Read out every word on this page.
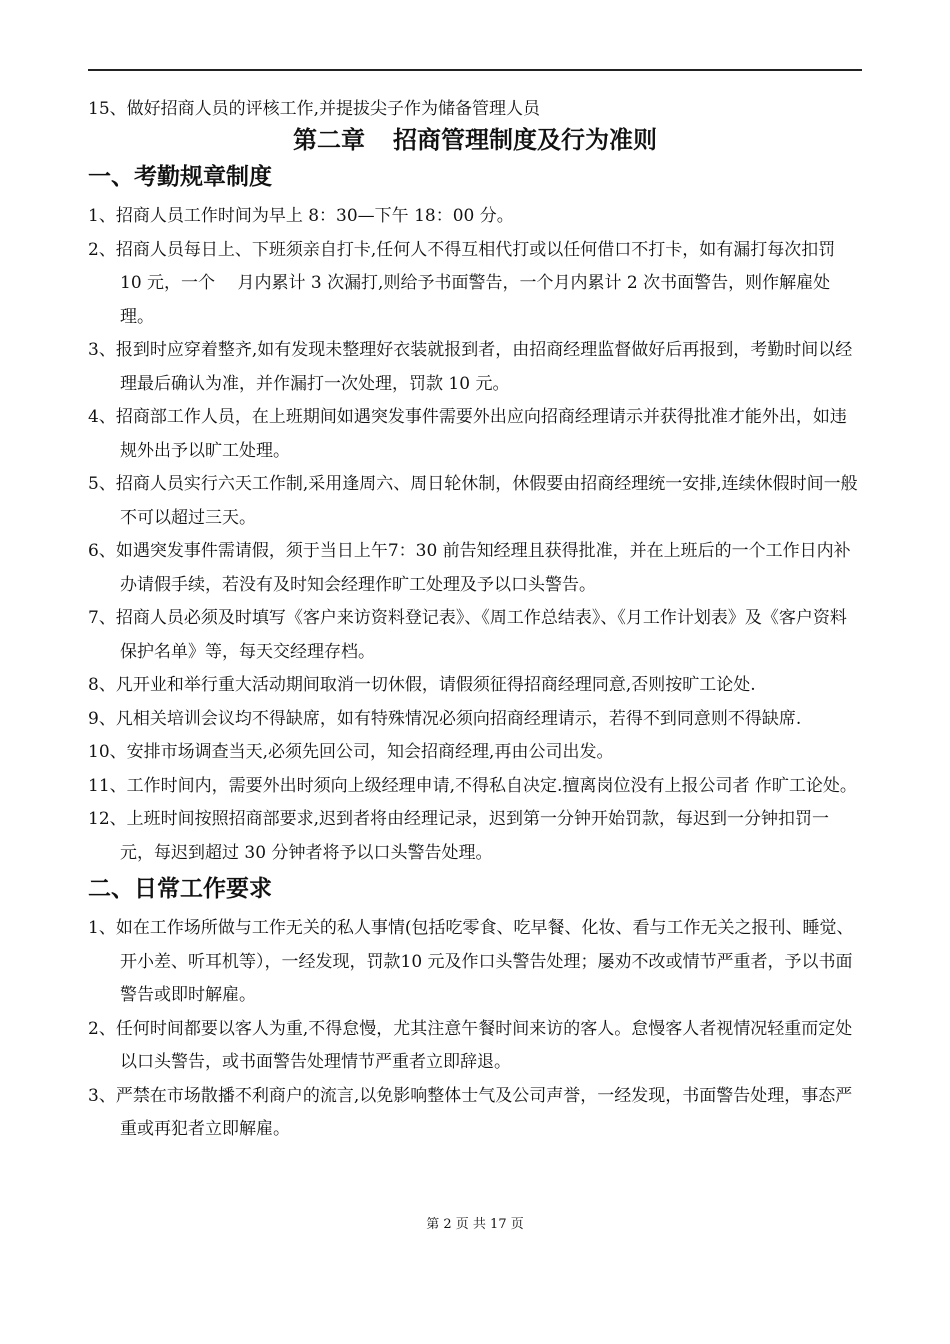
15、做好招商人员的评核工作,并提拔尖子作为储备管理人员

第二章 招商管理制度及行为准则
一、考勤规章制度
1、招商人员工作时间为早上 8：30—下午 18：00 分。
2、招商人员每日上、下班须亲自打卡,任何人不得互相代打或以任何借口不打卡，如有漏打每次扣罚 10 元，一个　 月内累计 3 次漏打,则给予书面警告，一个月内累计 2 次书面警告，则作解雇处理。
3、报到时应穿着整齐,如有发现未整理好衣装就报到者，由招商经理监督做好后再报到，考勤时间以经理最后确认为准，并作漏打一次处理，罚款 10 元。
4、招商部工作人员，在上班期间如遇突发事件需要外出应向招商经理请示并获得批准才能外出，如违规外出予以旷工处理。
5、招商人员实行六天工作制,采用逢周六、周日轮休制，休假要由招商经理统一安排,连续休假时间一般不可以超过三天。
6、如遇突发事件需请假，须于当日上午7：30 前告知经理且获得批准，并在上班后的一个工作日内补办请假手续，若没有及时知会经理作旷工处理及予以口头警告。
7、招商人员必须及时填写《客户来访资料登记表》、《周工作总结表》、《月工作计划表》及《客户资料保护名单》等，每天交经理存档。
8、凡开业和举行重大活动期间取消一切休假，请假须征得招商经理同意,否则按旷工论处.
9、凡相关培训会议均不得缺席，如有特殊情况必须向招商经理请示，若得不到同意则不得缺席.
10、安排市场调查当天,必须先回公司，知会招商经理,再由公司出发。
11、工作时间内，需要外出时须向上级经理申请,不得私自决定.擅离岗位没有上报公司者 作旷工论处。
12、上班时间按照招商部要求,迟到者将由经理记录，迟到第一分钟开始罚款，每迟到一分钟扣罚一元，每迟到超过 30 分钟者将予以口头警告处理。
二、日常工作要求
1、如在工作场所做与工作无关的私人事情(包括吃零食、吃早餐、化妆、看与工作无关之报刊、睡觉、开小差、听耳机等），一经发现，罚款10 元及作口头警告处理；屡劝不改或情节严重者，予以书面警告或即时解雇。
2、任何时间都要以客人为重,不得怠慢，尤其注意午餐时间来访的客人。怠慢客人者视情况轻重而定处以口头警告，或书面警告处理情节严重者立即辞退。
3、严禁在市场散播不利商户的流言,以免影响整体士气及公司声誉，一经发现，书面警告处理，事态严重或再犯者立即解雇。
第 2 页 共 17 页
